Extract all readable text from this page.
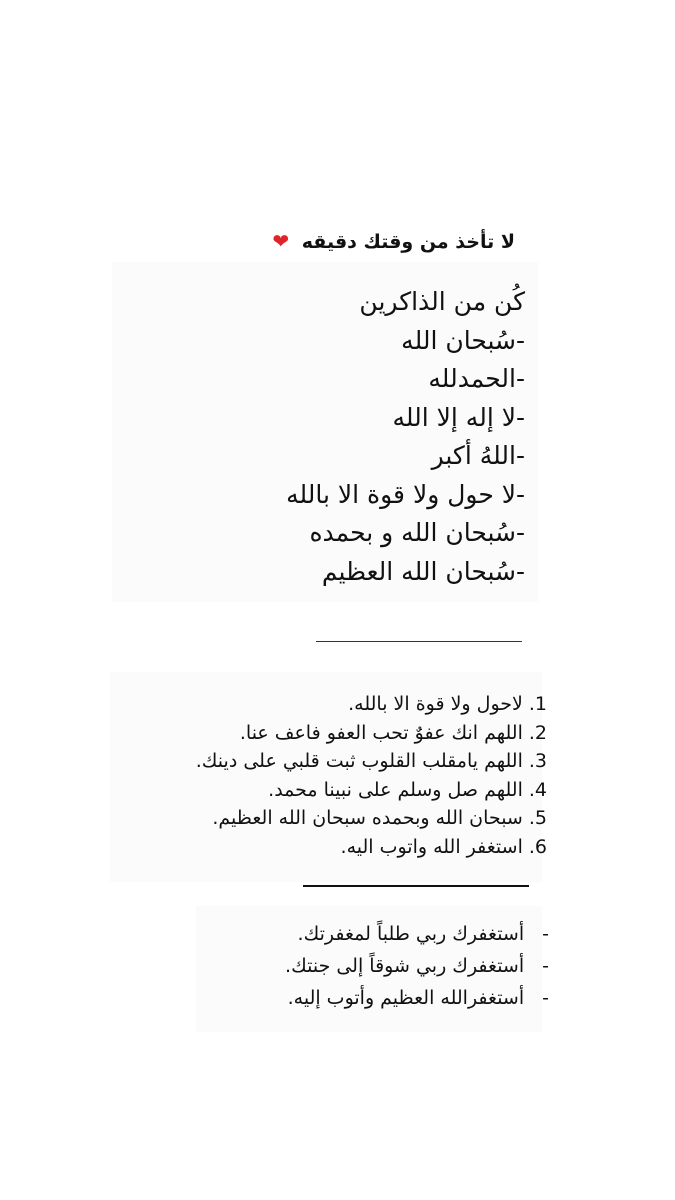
لا تأخذ من وقتك دقيقه ❤
كُن من الذاكرين
-سُبحان الله
-الحمدلله
-لا إله إلا الله
-اللهُ أكبر
-لا حول ولا قوة الا بالله
-سُبحان الله و بحمده
-سُبحان الله العظيم
1.لاحول ولا قوة الا بالله.
2.اللهم انك عفوٌ تحب العفو فاعف عنا.
3.اللهم يامقلب القلوب ثبت قلبي على دينك.
4.اللهم صل وسلم على نبينا محمد.
5.سبحان الله وبحمده سبحان الله العظيم.
6.استغفر الله واتوب اليه.
-أستغفرك ربي طلباً لمغفرتك.
-أستغفرك ربي شوقاً إلى جنتك.
-أستغفرالله العظيم وأتوب إليه.
